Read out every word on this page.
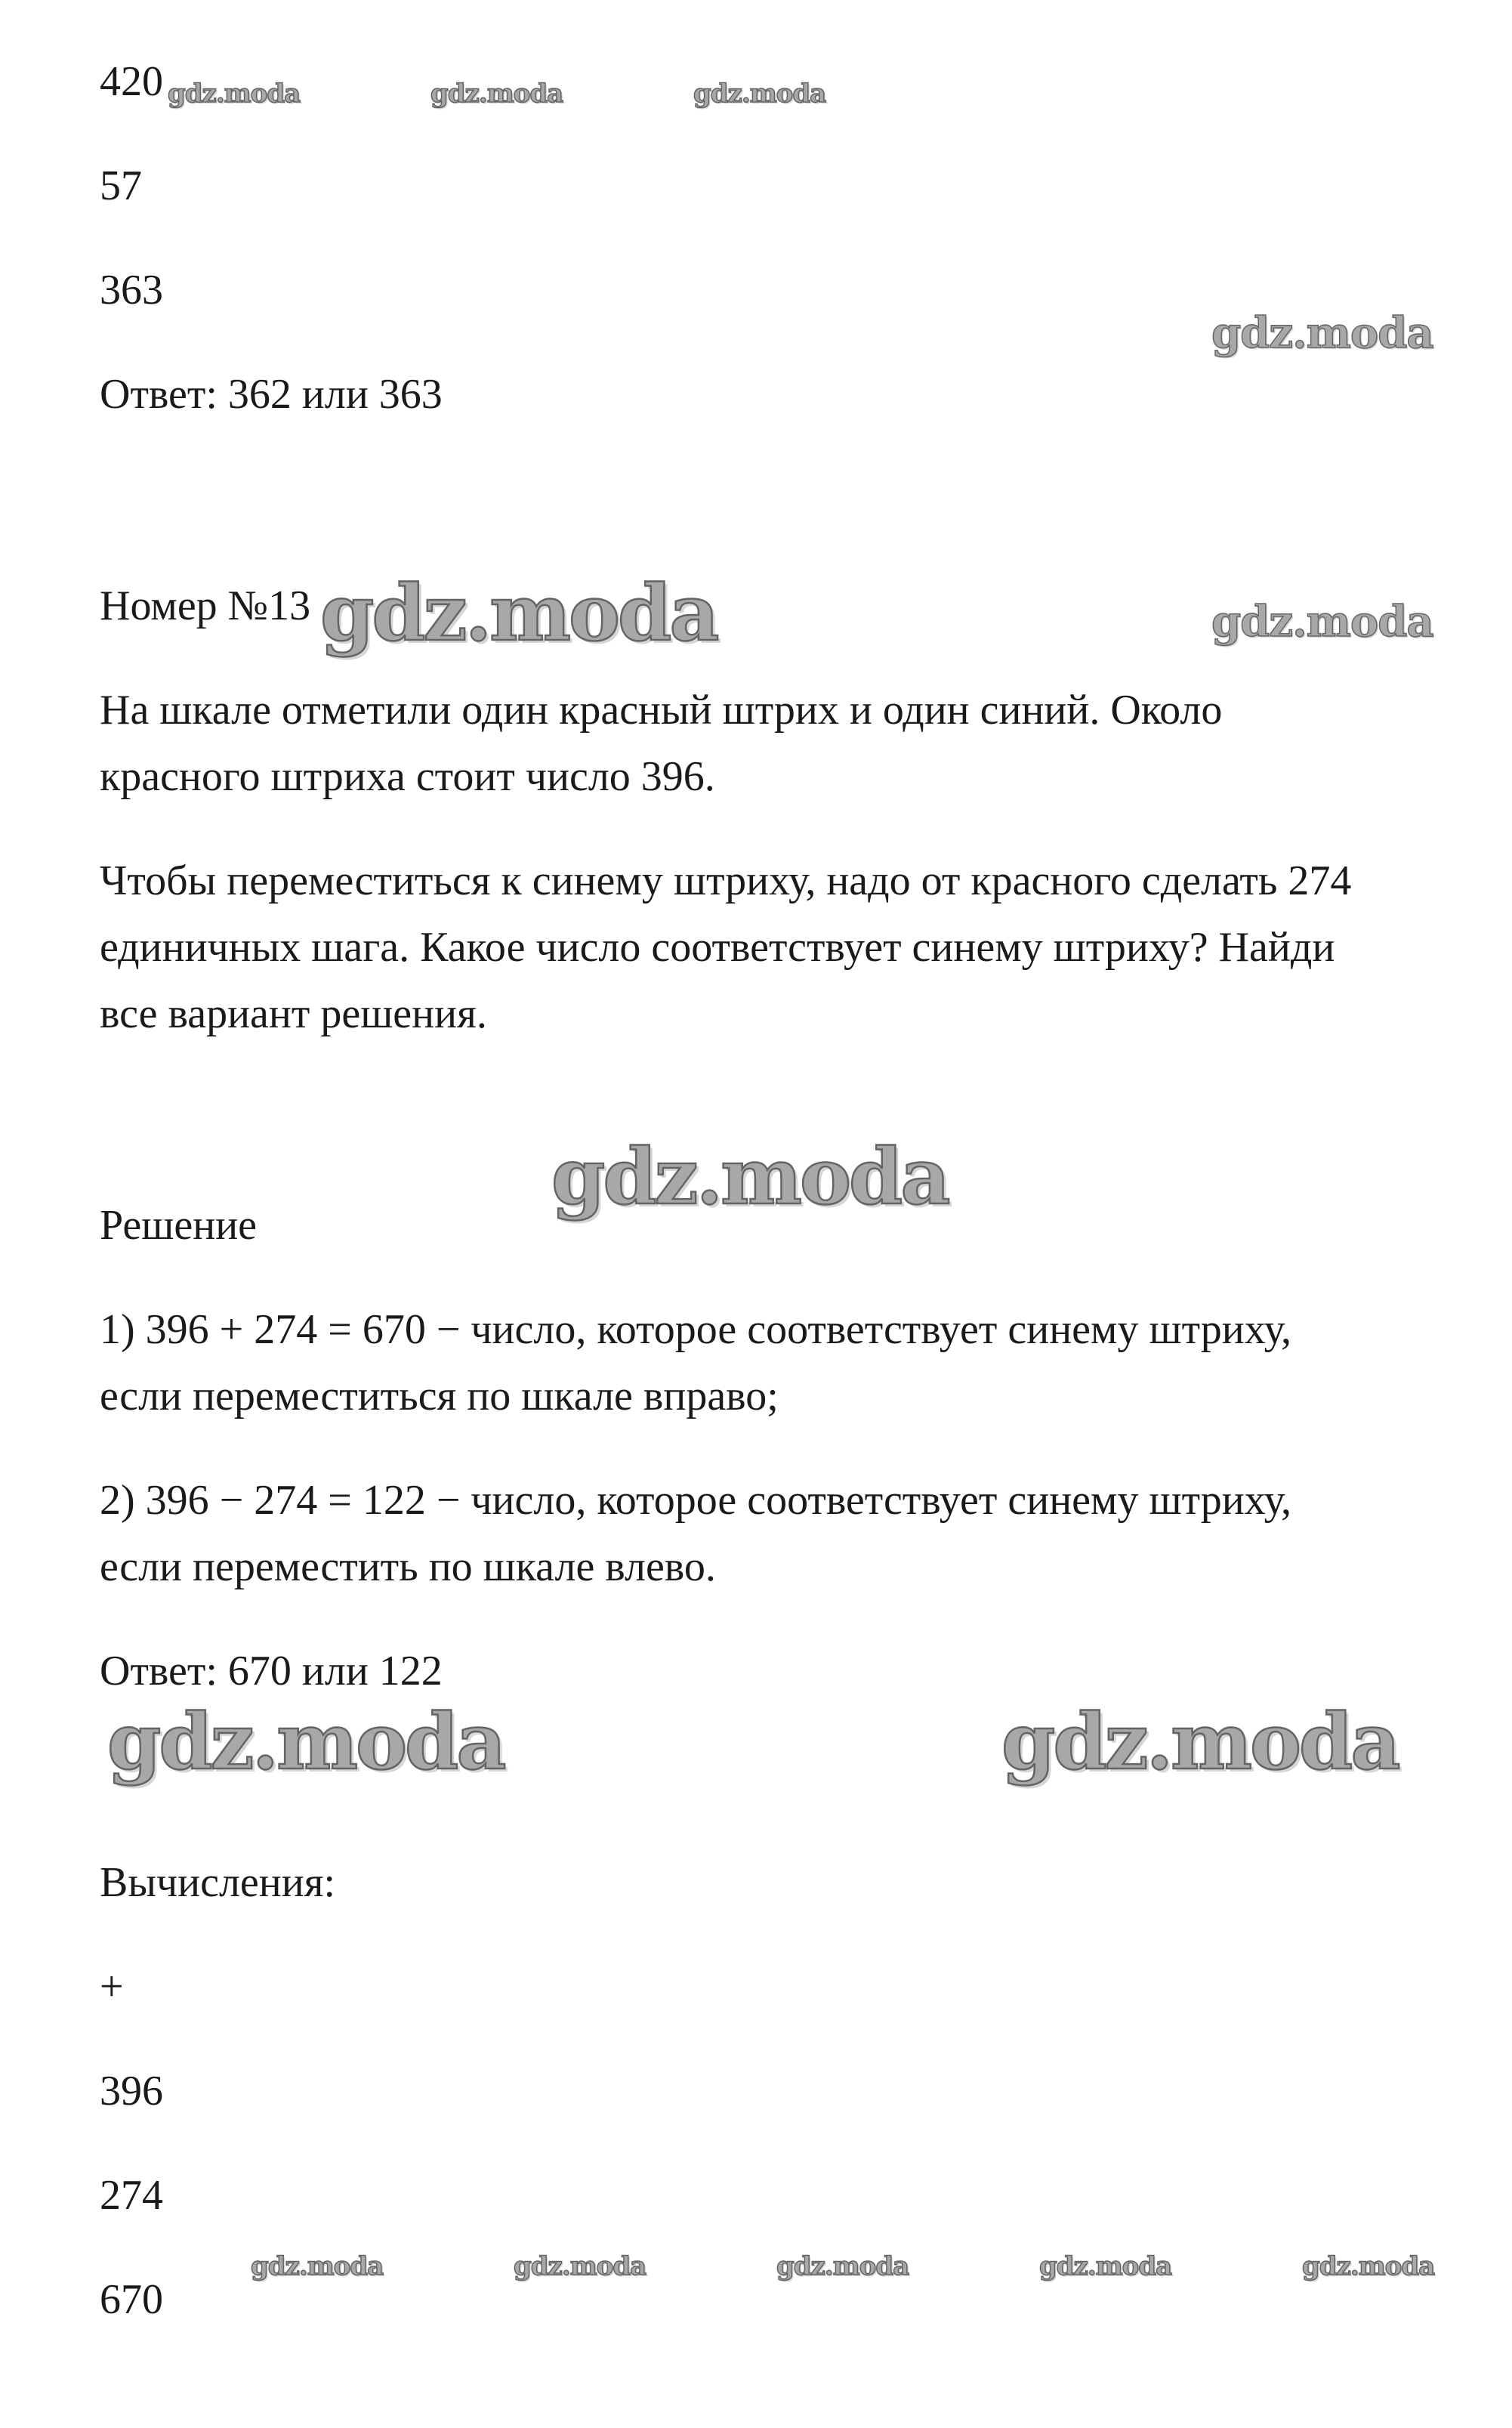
420

57

363

Ответ: 362 или 363

Номер №13

На шкале отметили один красный штрих и один синий. Около

красного штриха стоит число 396.

Чтобы переместиться к синему штриху, надо от красного сделать 274

единичных шага. Какое число соответствует синему штриху? Найди

все вариант решения.

Решение

1) 396 + 274 = 670 − число, которое соответствует синему штриху,

если переместиться по шкале вправо;

2) 396 − 274 = 122 − число, которое соответствует синему штриху,

если переместить по шкале влево.

Ответ: 670 или 122

Вычисления:

+

396

274

670

gdz.moda	gdz.moda	gdz.moda
gdz.moda
gdz.moda
gdz.moda
gdz.moda
gdz.moda	gdz.moda
gdz.moda	gdz.moda	gdz.moda	gdz.moda	gdz.moda
